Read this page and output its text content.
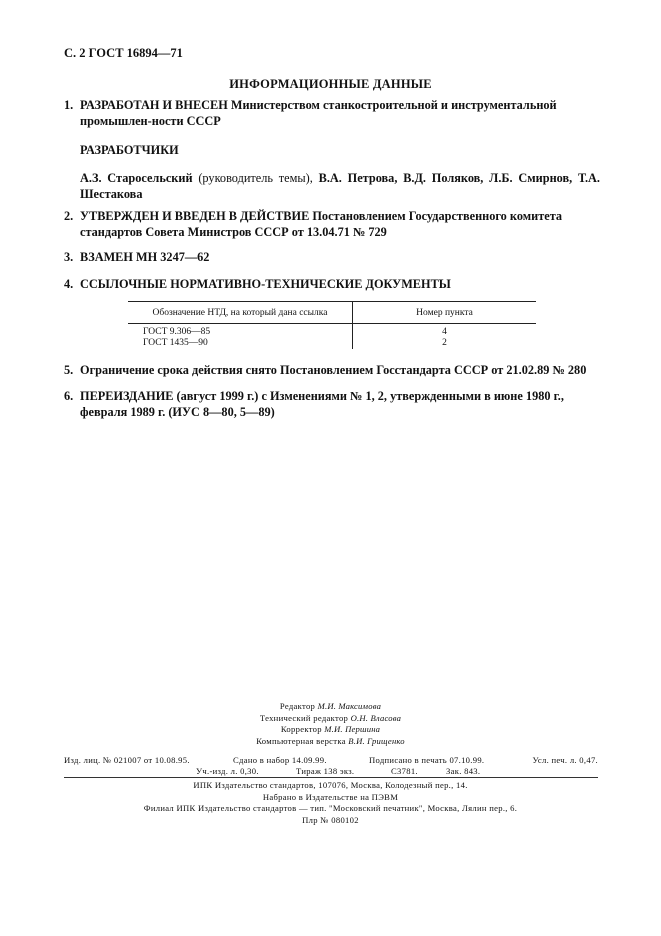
С. 2 ГОСТ 16894—71
ИНФОРМАЦИОННЫЕ ДАННЫЕ
1. РАЗРАБОТАН И ВНЕСЕН Министерством станкостроительной и инструментальной промышлен-ности СССР
РАЗРАБОТЧИКИ
А.З. Старосельский (руководитель темы), В.А. Петрова, В.Д. Поляков, Л.Б. Смирнов, Т.А. Шестакова
2. УТВЕРЖДЕН И ВВЕДЕН В ДЕЙСТВИЕ Постановлением Государственного комитета стандартов Совета Министров СССР от 13.04.71 № 729
3. ВЗАМЕН МН 3247—62
4. ССЫЛОЧНЫЕ НОРМАТИВНО-ТЕХНИЧЕСКИЕ ДОКУМЕНТЫ
Обозначение НТД, на который дана ссылка	Номер пункта
ГОСТ 9.306—85	4
ГОСТ 1435—90	2
5. Ограничение срока действия снято Постановлением Госстандарта СССР от 21.02.89 № 280
6. ПЕРЕИЗДАНИЕ (август 1999 г.) с Изменениями № 1, 2, утвержденными в июне 1980 г., февраля 1989 г. (ИУС 8—80, 5—89)
Редактор М.И. Максимова
Технический редактор О.Н. Власова
Корректор М.И. Першина
Компьютерная верстка В.И. Грищенко
Изд. лиц. № 021007 от 10.08.95.	Сдано в набор 14.09.99.	Подписано в печать 07.10.99.	Усл. печ. л. 0,47.
Уч.-изд. л. 0,30.	Тираж 138 экз.	С3781.	Зак. 843.
ИПК Издательство стандартов, 107076, Москва, Колодезный пер., 14.
Набрано в Издательстве на ПЭВМ
Филиал ИПК Издательство стандартов — тип. "Московский печатник", Москва, Лялин пер., 6.
Плр № 080102
